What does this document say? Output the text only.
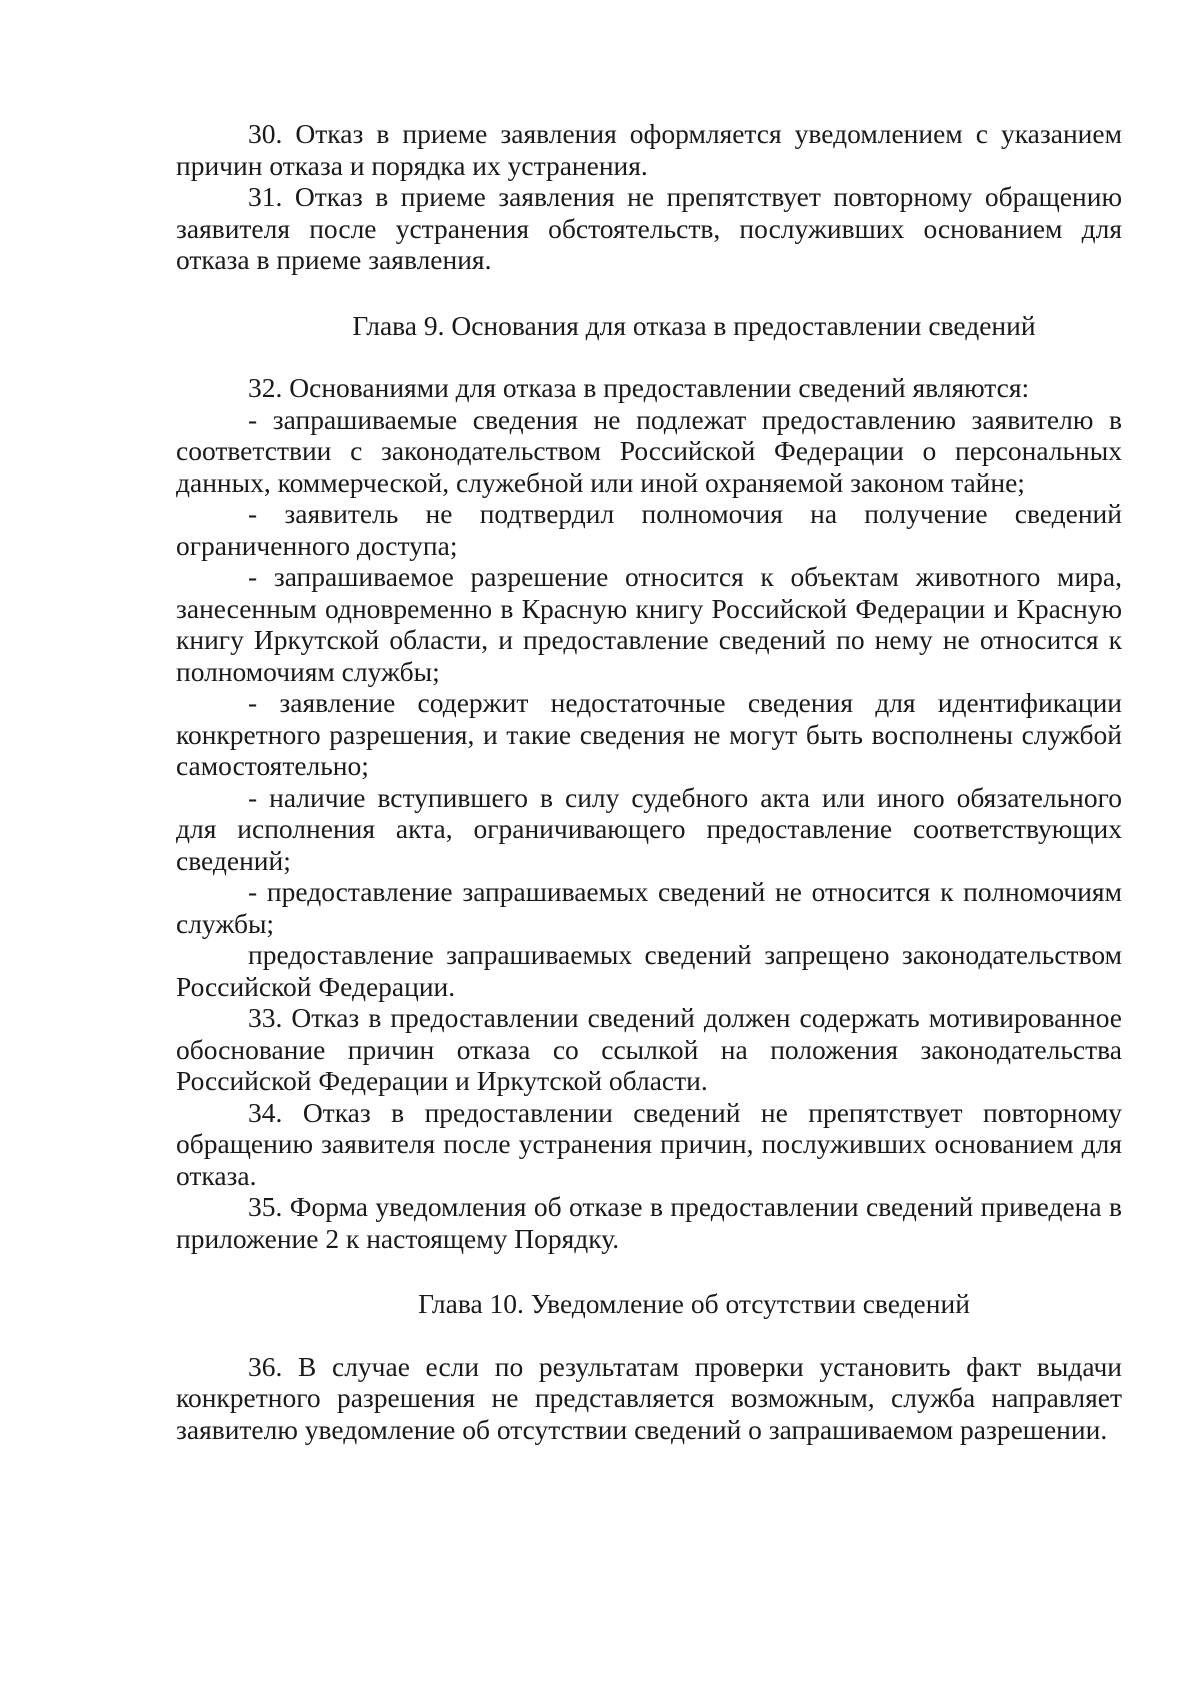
30. Отказ в приеме заявления оформляется уведомлением с указанием причин отказа и порядка их устранения.

31. Отказ в приеме заявления не препятствует повторному обращению заявителя после устранения обстоятельств, послуживших основанием для отказа в приеме заявления.

Глава 9. Основания для отказа в предоставлении сведений

32. Основаниями для отказа в предоставлении сведений являются:

- запрашиваемые сведения не подлежат предоставлению заявителю в соответствии с законодательством Российской Федерации о персональных данных, коммерческой, служебной или иной охраняемой законом тайне;

- заявитель не подтвердил полномочия на получение сведений ограниченного доступа;

- запрашиваемое разрешение относится к объектам животного мира, занесенным одновременно в Красную книгу Российской Федерации и Красную книгу Иркутской области, и предоставление сведений по нему не относится к полномочиям службы;

- заявление содержит недостаточные сведения для идентификации конкретного разрешения, и такие сведения не могут быть восполнены службой самостоятельно;

- наличие вступившего в силу судебного акта или иного обязательного для исполнения акта, ограничивающего предоставление соответствующих сведений;

- предоставление запрашиваемых сведений не относится к полномочиям службы;

предоставление запрашиваемых сведений запрещено законодательством Российской Федерации.

33. Отказ в предоставлении сведений должен содержать мотивированное обоснование причин отказа со ссылкой на положения законодательства Российской Федерации и Иркутской области.

34. Отказ в предоставлении сведений не препятствует повторному обращению заявителя после устранения причин, послуживших основанием для отказа.

35. Форма уведомления об отказе в предоставлении сведений приведена в приложение 2 к настоящему Порядку.

Глава 10. Уведомление об отсутствии сведений

36. В случае если по результатам проверки установить факт выдачи конкретного разрешения не представляется возможным, служба направляет заявителю уведомление об отсутствии сведений о запрашиваемом разрешении.
